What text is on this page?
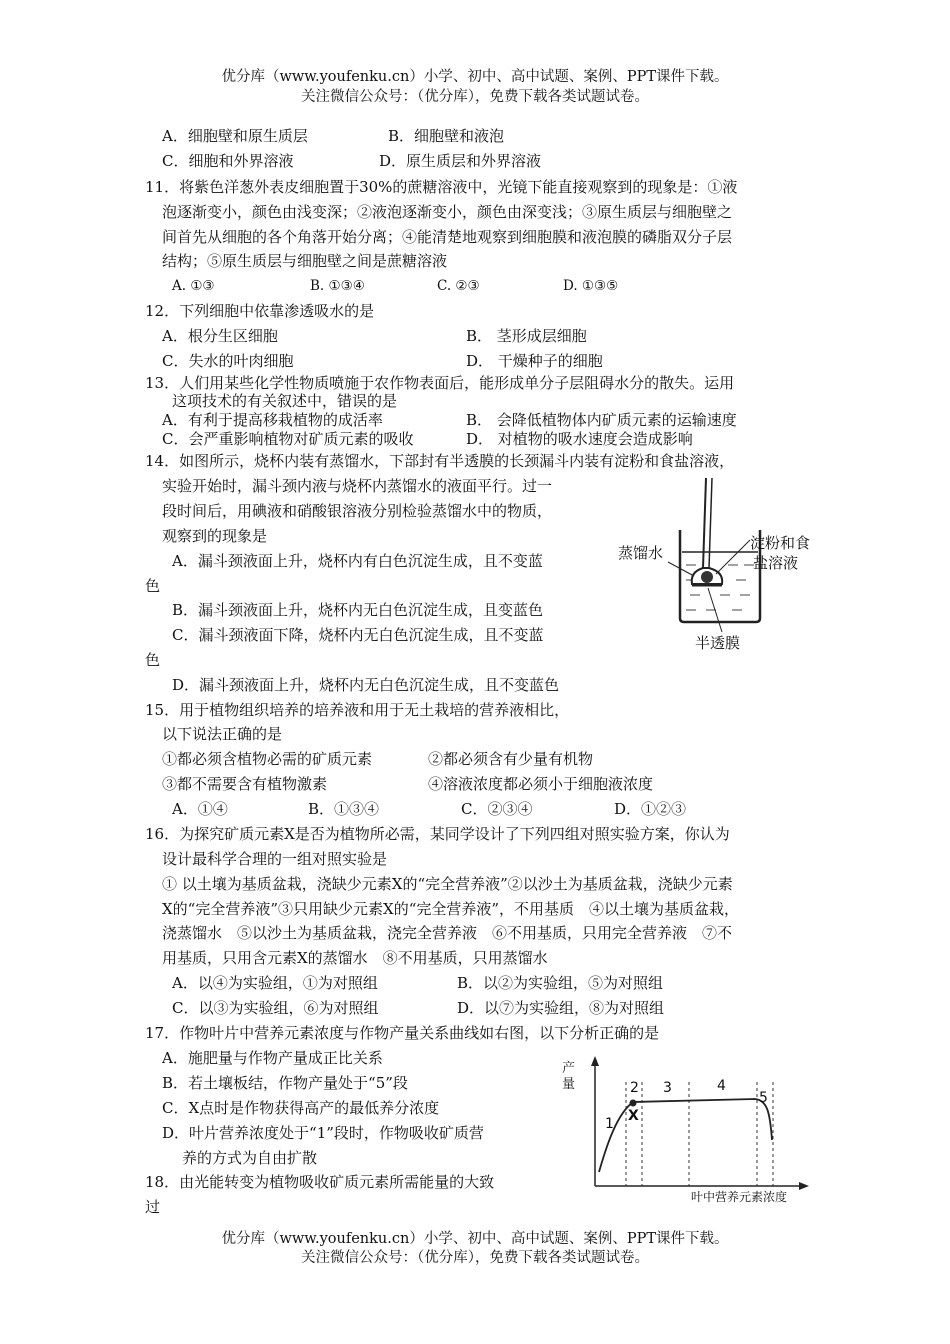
优分库（www.youfenku.cn）小学、初中、高中试题、案例、PPT课件下载。
关注微信公众号：（优分库），免费下载各类试题试卷。
A．细胞壁和原生质层	B．细胞壁和液泡
C．细胞和外界溶液	D．原生质层和外界溶液
11．将紫色洋葱外表皮细胞置于30%的蔗糖溶液中，光镜下能直接观察到的现象是：①液
泡逐渐变小，颜色由浅变深；②液泡逐渐变小，颜色由深变浅；③原生质层与细胞壁之
间首先从细胞的各个角落开始分离；④能清楚地观察到细胞膜和液泡膜的磷脂双分子层
结构；⑤原生质层与细胞壁之间是蔗糖溶液
A. ①③	B. ①③④	C. ②③	D. ①③⑤
12．下列细胞中依靠渗透吸水的是
A．根分生区细胞	B． 茎形成层细胞
C．失水的叶肉细胞	D． 干燥种子的细胞
13．人们用某些化学性物质喷施于农作物表面后，能形成单分子层阻碍水分的散失。运用
这项技术的有关叙述中，错误的是
A．有利于提高移栽植物的成活率	B． 会降低植物体内矿质元素的运输速度
C．会严重影响植物对矿质元素的吸收	D． 对植物的吸水速度会造成影响
14．如图所示，烧杯内装有蒸馏水，下部封有半透膜的长颈漏斗内装有淀粉和食盐溶液，
实验开始时，漏斗颈内液与烧杯内蒸馏水的液面平行。过一
段时间后，用碘液和硝酸银溶液分别检验蒸馏水中的物质，
观察到的现象是
A．漏斗颈液面上升，烧杯内有白色沉淀生成，且不变蓝
色
B．漏斗颈液面上升，烧杯内无白色沉淀生成，且变蓝色
C．漏斗颈液面下降，烧杯内无白色沉淀生成，且不变蓝
色
D．漏斗颈液面上升，烧杯内无白色沉淀生成，且不变蓝色
蒸馏水
淀粉和食
盐溶液
半透膜
15．用于植物组织培养的培养液和用于无土栽培的营养液相比，
以下说法正确的是
①都必须含植物必需的矿质元素	②都必须含有少量有机物
③都不需要含有植物激素	④溶液浓度都必须小于细胞液浓度
A．①④	B．①③④	C．②③④	D．①②③
16．为探究矿质元素X是否为植物所必需，某同学设计了下列四组对照实验方案，你认为
设计最科学合理的一组对照实验是
① 以土壤为基质盆栽，浇缺少元素X的“完全营养液”②以沙土为基质盆栽，浇缺少元素
X的“完全营养液”③只用缺少元素X的“完全营养液”，不用基质　④以土壤为基质盆栽，
浇蒸馏水　⑤以沙土为基质盆栽，浇完全营养液　⑥不用基质，只用完全营养液　⑦不
用基质，只用含元素X的蒸馏水　⑧不用基质，只用蒸馏水
A．以④为实验组，①为对照组	B．以②为实验组，⑤为对照组
C．以③为实验组，⑥为对照组	D．以⑦为实验组，⑧为对照组
17．作物叶片中营养元素浓度与作物产量关系曲线如右图，以下分析正确的是
A．施肥量与作物产量成正比关系
B．若土壤板结，作物产量处于“5”段
C．X点时是作物获得高产的最低养分浓度
D．叶片营养浓度处于“1”段时，作物吸收矿质营
养的方式为自由扩散
产
量
1
2 3	4
5
X
叶中营养元素浓度
18．由光能转变为植物吸收矿质元素所需能量的大致
过
优分库（www.youfenku.cn）小学、初中、高中试题、案例、PPT课件下载。
关注微信公众号：（优分库），免费下载各类试题试卷。
